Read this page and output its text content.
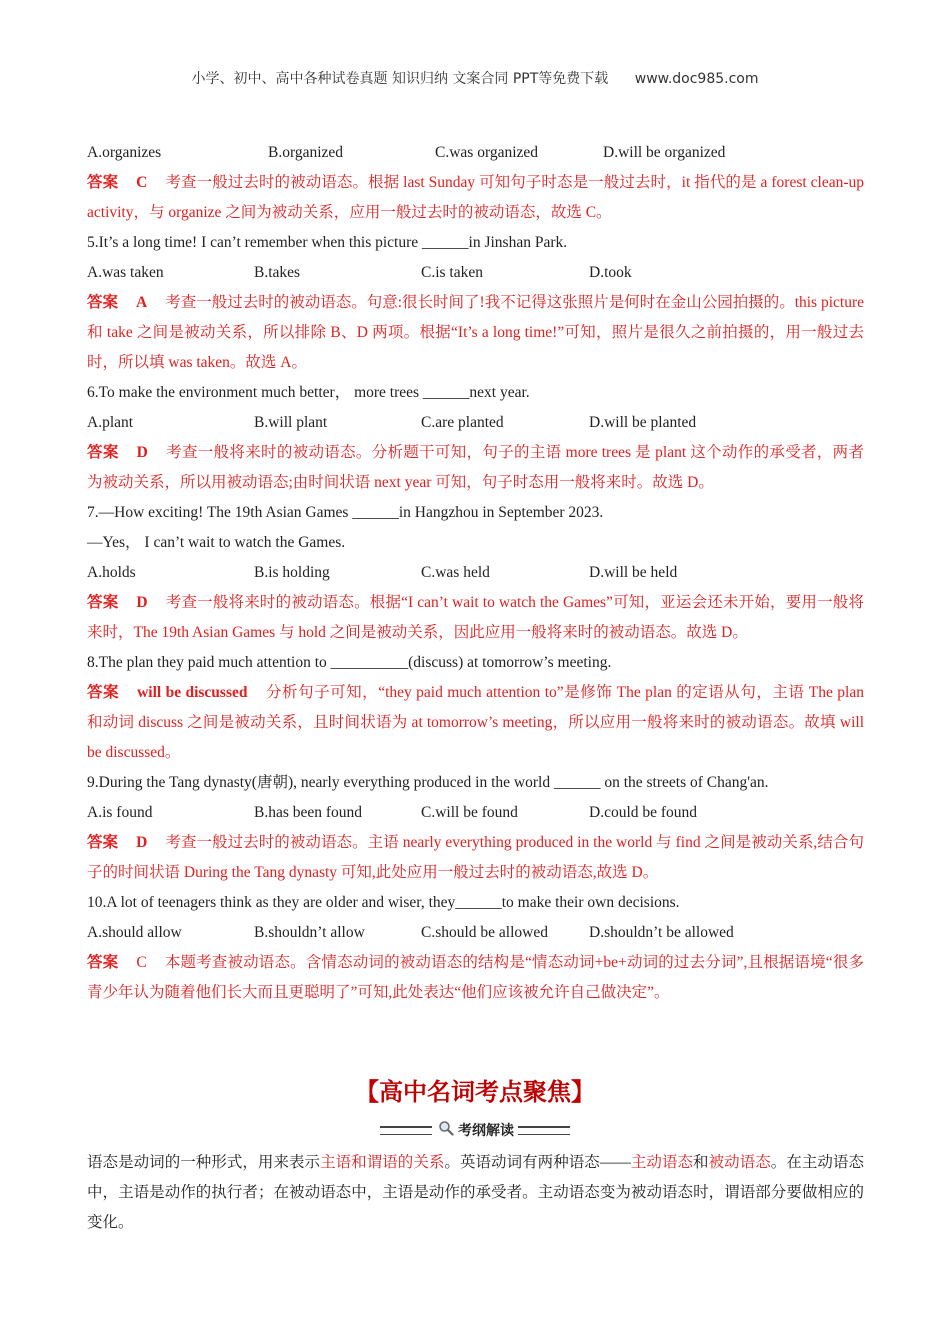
小学、初中、高中各种试卷真题 知识归纳 文案合同 PPT等免费下载 www.doc985.com
A.organizes	B.organized	C.was organized	D.will be organized
答案 C 考查一般过去时的被动语态。根据 last Sunday 可知句子时态是一般过去时，it 指代的是 a forest clean-up activity，与 organize 之间为被动关系，应用一般过去时的被动语态，故选 C。
5.It’s a long time! I can’t remember when this picture ______in Jinshan Park.
A.was taken	B.takes	C.is taken	D.took
答案 A 考查一般过去时的被动语态。句意:很长时间了!我不记得这张照片是何时在金山公园拍摄的。this picture 和 take 之间是被动关系，所以排除 B、D 两项。根据“It’s a long time!”可知，照片是很久之前拍摄的，用一般过去时，所以填 was taken。故选 A。
6.To make the environment much better， more trees ______next year.
A.plant	B.will plant	C.are planted	D.will be planted
答案 D 考查一般将来时的被动语态。分析题干可知，句子的主语 more trees 是 plant 这个动作的承受者，两者为被动关系，所以用被动语态;由时间状语 next year 可知，句子时态用一般将来时。故选 D。
7.—How exciting! The 19th Asian Games ______in Hangzhou in September 2023.
—Yes， I can’t wait to watch the Games.
A.holds	B.is holding	C.was held	D.will be held
答案 D 考查一般将来时的被动语态。根据“I can’t wait to watch the Games”可知，亚运会还未开始，要用一般将来时，The 19th Asian Games 与 hold 之间是被动关系，因此应用一般将来时的被动语态。故选 D。
8.The plan they paid much attention to __________(discuss) at tomorrow’s meeting.
答案 will be discussed 分析句子可知，“they paid much attention to”是修饰 The plan 的定语从句，主语 The plan 和动词 discuss 之间是被动关系，且时间状语为 at tomorrow’s meeting，所以应用一般将来时的被动语态。故填 will be discussed。
9.During the Tang dynasty(唐朝), nearly everything produced in the world ______ on the streets of Chang'an.
A.is found	B.has been found	C.will be found	D.could be found
答案 D 考查一般过去时的被动语态。主语 nearly everything produced in the world 与 find 之间是被动关系,结合句子的时间状语 During the Tang dynasty 可知,此处应用一般过去时的被动语态,故选 D。
10.A lot of teenagers think as they are older and wiser, they______to make their own decisions.
A.should allow	B.shouldn’t allow	C.should be allowed	D.shouldn’t be allowed
答案 C 本题考查被动语态。含情态动词的被动语态的结构是“情态动词+be+动词的过去分词”,且根据语境“很多青少年认为随着他们长大而且更聪明了”可知,此处表达“他们应该被允许自己做决定”。
【高中名词考点聚焦】
考纲解读
语态是动词的一种形式，用来表示主语和谓语的关系。英语动词有两种语态——主动语态和被动语态。在主动语态中，主语是动作的执行者；在被动语态中，主语是动作的承受者。主动语态变为被动语态时，谓语部分要做相应的变化。
